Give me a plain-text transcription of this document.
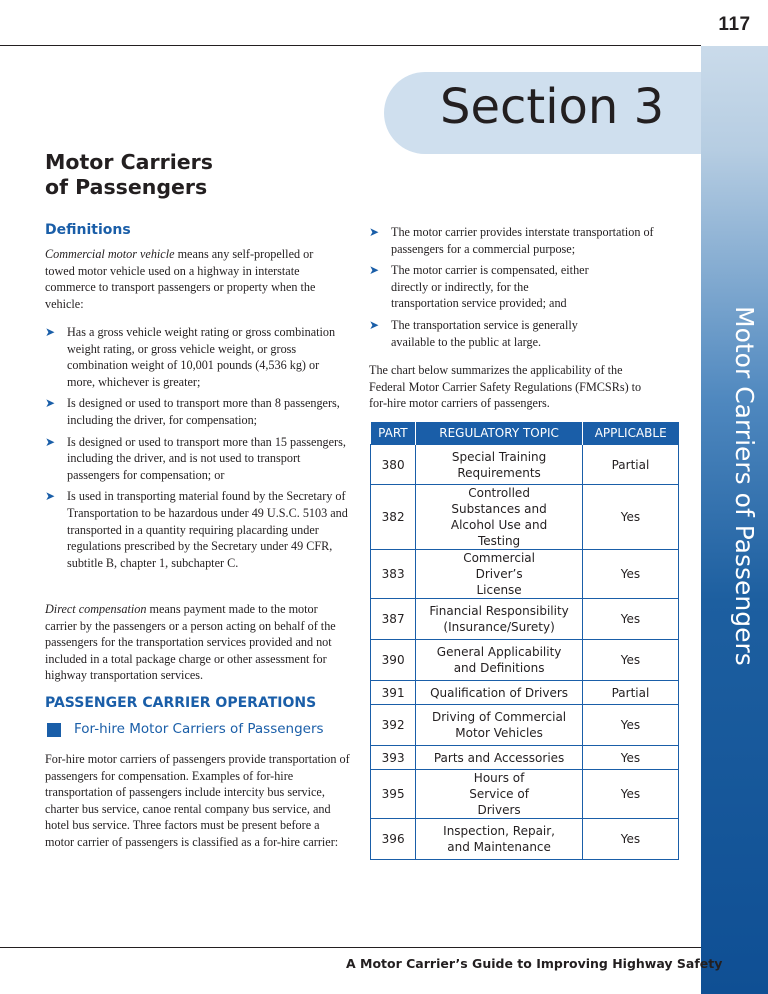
117
Motor Carriers of Passengers
Section 3
Motor Carriers
of Passengers
Definitions
Commercial motor vehicle means any self-propelled or towed motor vehicle used on a highway in interstate commerce to transport passengers or property when the vehicle:
➤ Has a gross vehicle weight rating or gross combination weight rating, or gross vehicle weight, or gross combination weight of 10,001 pounds (4,536 kg) or more, whichever is greater;
➤ Is designed or used to transport more than 8 passengers, including the driver, for compensation;
➤ Is designed or used to transport more than 15 passengers, including the driver, and is not used to transport passengers for compensation; or
➤ Is used in transporting material found by the Secretary of Transportation to be hazardous under 49 U.S.C. 5103 and transported in a quantity requiring placarding under regulations prescribed by the Secretary under 49 CFR, subtitle B, chapter 1, subchapter C.
Direct compensation means payment made to the motor carrier by the passengers or a person acting on behalf of the passengers for the transportation services provided and not included in a total package charge or other assessment for highway transportation services.
PASSENGER CARRIER OPERATIONS
For-hire Motor Carriers of Passengers
For-hire motor carriers of passengers provide transportation of passengers for compensation. Examples of for-hire transportation of passengers include intercity bus service, charter bus service, canoe rental company bus service, and hotel bus service. Three factors must be present before a motor carrier of passengers is classified as a for-hire carrier:
➤ The motor carrier provides interstate transportation of passengers for a commercial purpose;
➤ The motor carrier is compensated, either directly or indirectly, for the transportation service provided; and
➤ The transportation service is generally available to the public at large.
The chart below summarizes the applicability of the Federal Motor Carrier Safety Regulations (FMCSRs) to for-hire motor carriers of passengers.
PART	REGULATORY TOPIC	APPLICABLE
380	Special Training Requirements	Partial
382	Controlled Substances and Alcohol Use and Testing	Yes
383	Commercial Driver’s License	Yes
387	Financial Responsibility (Insurance/Surety)	Yes
390	General Applicability and Definitions	Yes
391	Qualification of Drivers	Partial
392	Driving of Commercial Motor Vehicles	Yes
393	Parts and Accessories	Yes
395	Hours of Service of Drivers	Yes
396	Inspection, Repair, and Maintenance	Yes
A Motor Carrier’s Guide to Improving Highway Safety
